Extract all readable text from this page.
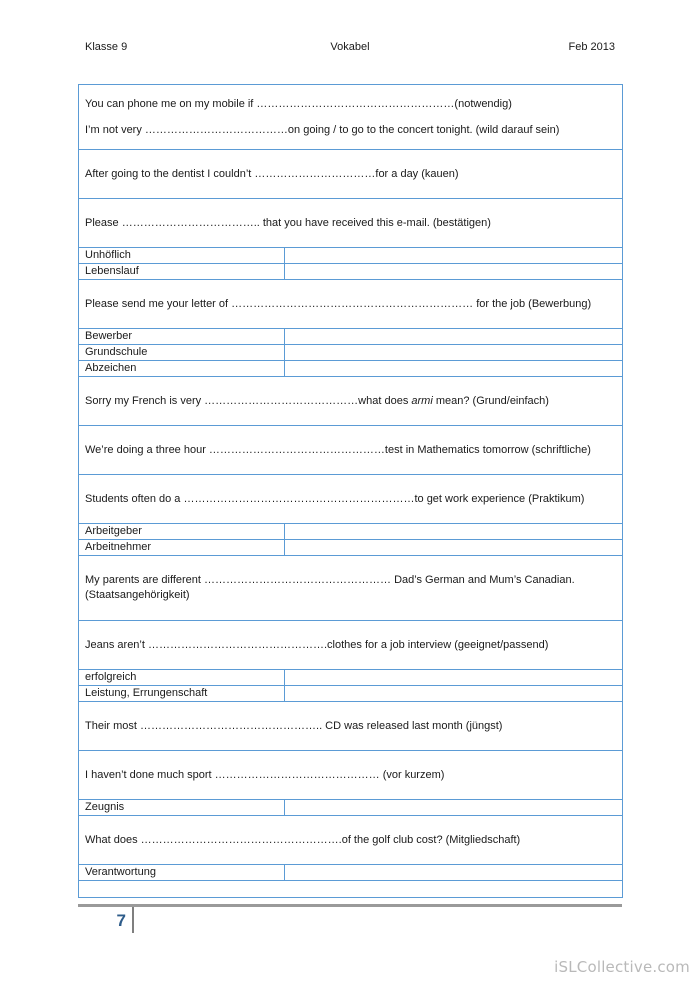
Klasse 9	Vokabel	Feb 2013
You can phone me on my mobile if ………………………………………………(notwendig)
I’m not very …………………………………on going / to go to the concert tonight. (wild darauf sein)	

After going to the dentist I couldn’t ……………………………for a day (kauen)	

Please ……………………………….. that you have received this e-mail. (bestätigen)	

Unhöflich	
Lebenslauf	

Please send me your letter of ………………………………………………………… for the job (Bewerbung)	

Bewerber	
Grundschule	
Abzeichen	

Sorry my French is very ……………………………………what does armi mean? (Grund/einfach)	

We’re doing a three hour …………………………………………test in Mathematics tomorrow (schriftliche)	

Students often do a ………………………………………………………to get work experience (Praktikum)	

Arbeitgeber	
Arbeitnehmer	

My parents are different …………………………………………… Dad’s German and Mum’s Canadian.
(Staatsangehörigkeit)	

Jeans aren’t ………………………………………….clothes for a job interview (geeignet/passend)	

erfolgreich	
Leistung, Errungenschaft	

Their most ………………………………………….. CD was released last month (jüngst)	

I haven’t done much sport ……………………………………… (vor kurzem)	

Zeugnis	

What does ……………………………………………….of the golf club cost? (Mitgliedschaft)	

Verantwortung	

7
iSLCollective.com
